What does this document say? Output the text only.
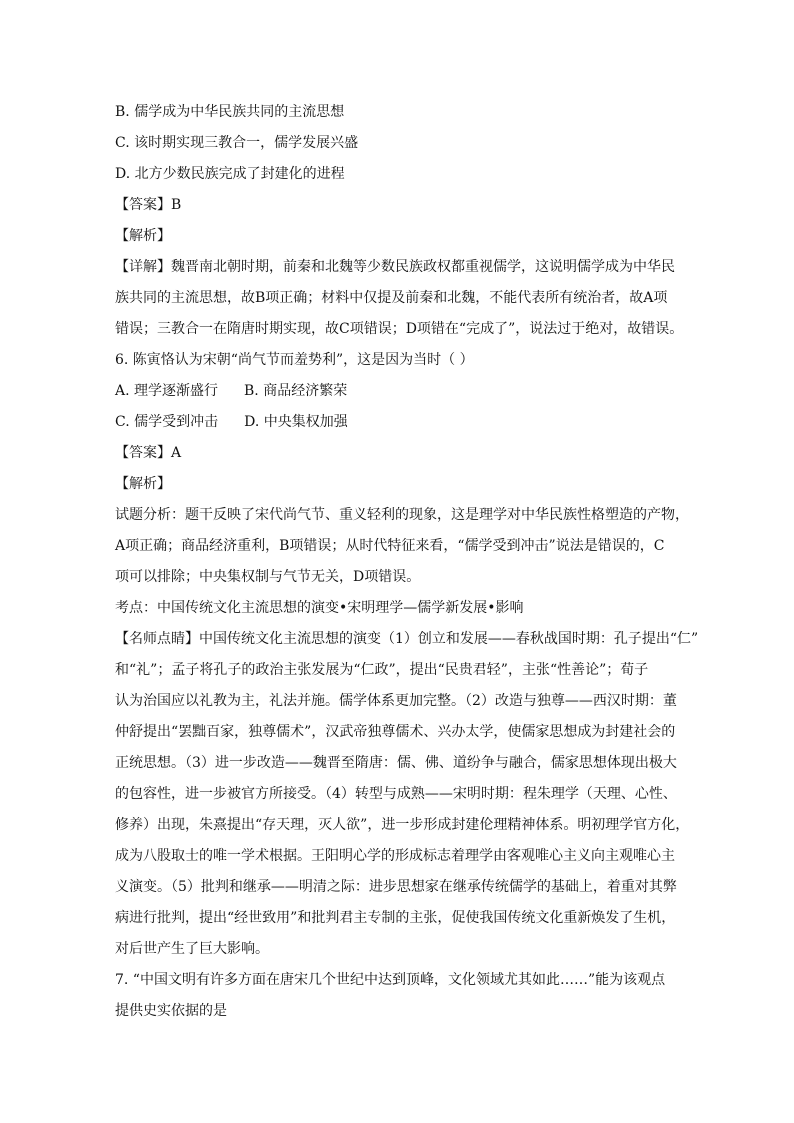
B. 儒学成为中华民族共同的主流思想
C. 该时期实现三教合一，儒学发展兴盛
D. 北方少数民族完成了封建化的进程
【答案】B
【解析】
【详解】魏晋南北朝时期，前秦和北魏等少数民族政权都重视儒学，这说明儒学成为中华民
族共同的主流思想，故B项正确；材料中仅提及前秦和北魏，不能代表所有统治者，故A项
错误；三教合一在隋唐时期实现，故C项错误；D项错在“完成了”，说法过于绝对，故错误。
6. 陈寅恪认为宋朝“尚气节而羞势利”，这是因为当时（ ）
A. 理学逐渐盛行 B. 商品经济繁荣
C. 儒学受到冲击 D. 中央集权加强
【答案】A
【解析】
试题分析：题干反映了宋代尚气节、重义轻利的现象，这是理学对中华民族性格塑造的产物，
A项正确；商品经济重利，B项错误；从时代特征来看，“儒学受到冲击”说法是错误的，C
项可以排除；中央集权制与气节无关，D项错误。
考点：中国传统文化主流思想的演变•宋明理学—儒学新发展•影响
【名师点睛】中国传统文化主流思想的演变（1）创立和发展——春秋战国时期：孔子提出“仁”
和“礼”；孟子将孔子的政治主张发展为“仁政”，提出“民贵君轻”，主张“性善论”；荀子
认为治国应以礼教为主，礼法并施。儒学体系更加完整。（2）改造与独尊——西汉时期：董
仲舒提出“罢黜百家，独尊儒术”，汉武帝独尊儒术、兴办太学，使儒家思想成为封建社会的
正统思想。（3）进一步改造——魏晋至隋唐：儒、佛、道纷争与融合，儒家思想体现出极大
的包容性，进一步被官方所接受。（4）转型与成熟——宋明时期：程朱理学（天理、心性、
修养）出现，朱熹提出“存天理，灭人欲”，进一步形成封建伦理精神体系。明初理学官方化，
成为八股取士的唯一学术根据。王阳明心学的形成标志着理学由客观唯心主义向主观唯心主
义演变。（5）批判和继承——明清之际：进步思想家在继承传统儒学的基础上，着重对其弊
病进行批判，提出“经世致用”和批判君主专制的主张，促使我国传统文化重新焕发了生机，
对后世产生了巨大影响。
7. “中国文明有许多方面在唐宋几个世纪中达到顶峰，文化领域尤其如此……”能为该观点
提供史实依据的是
